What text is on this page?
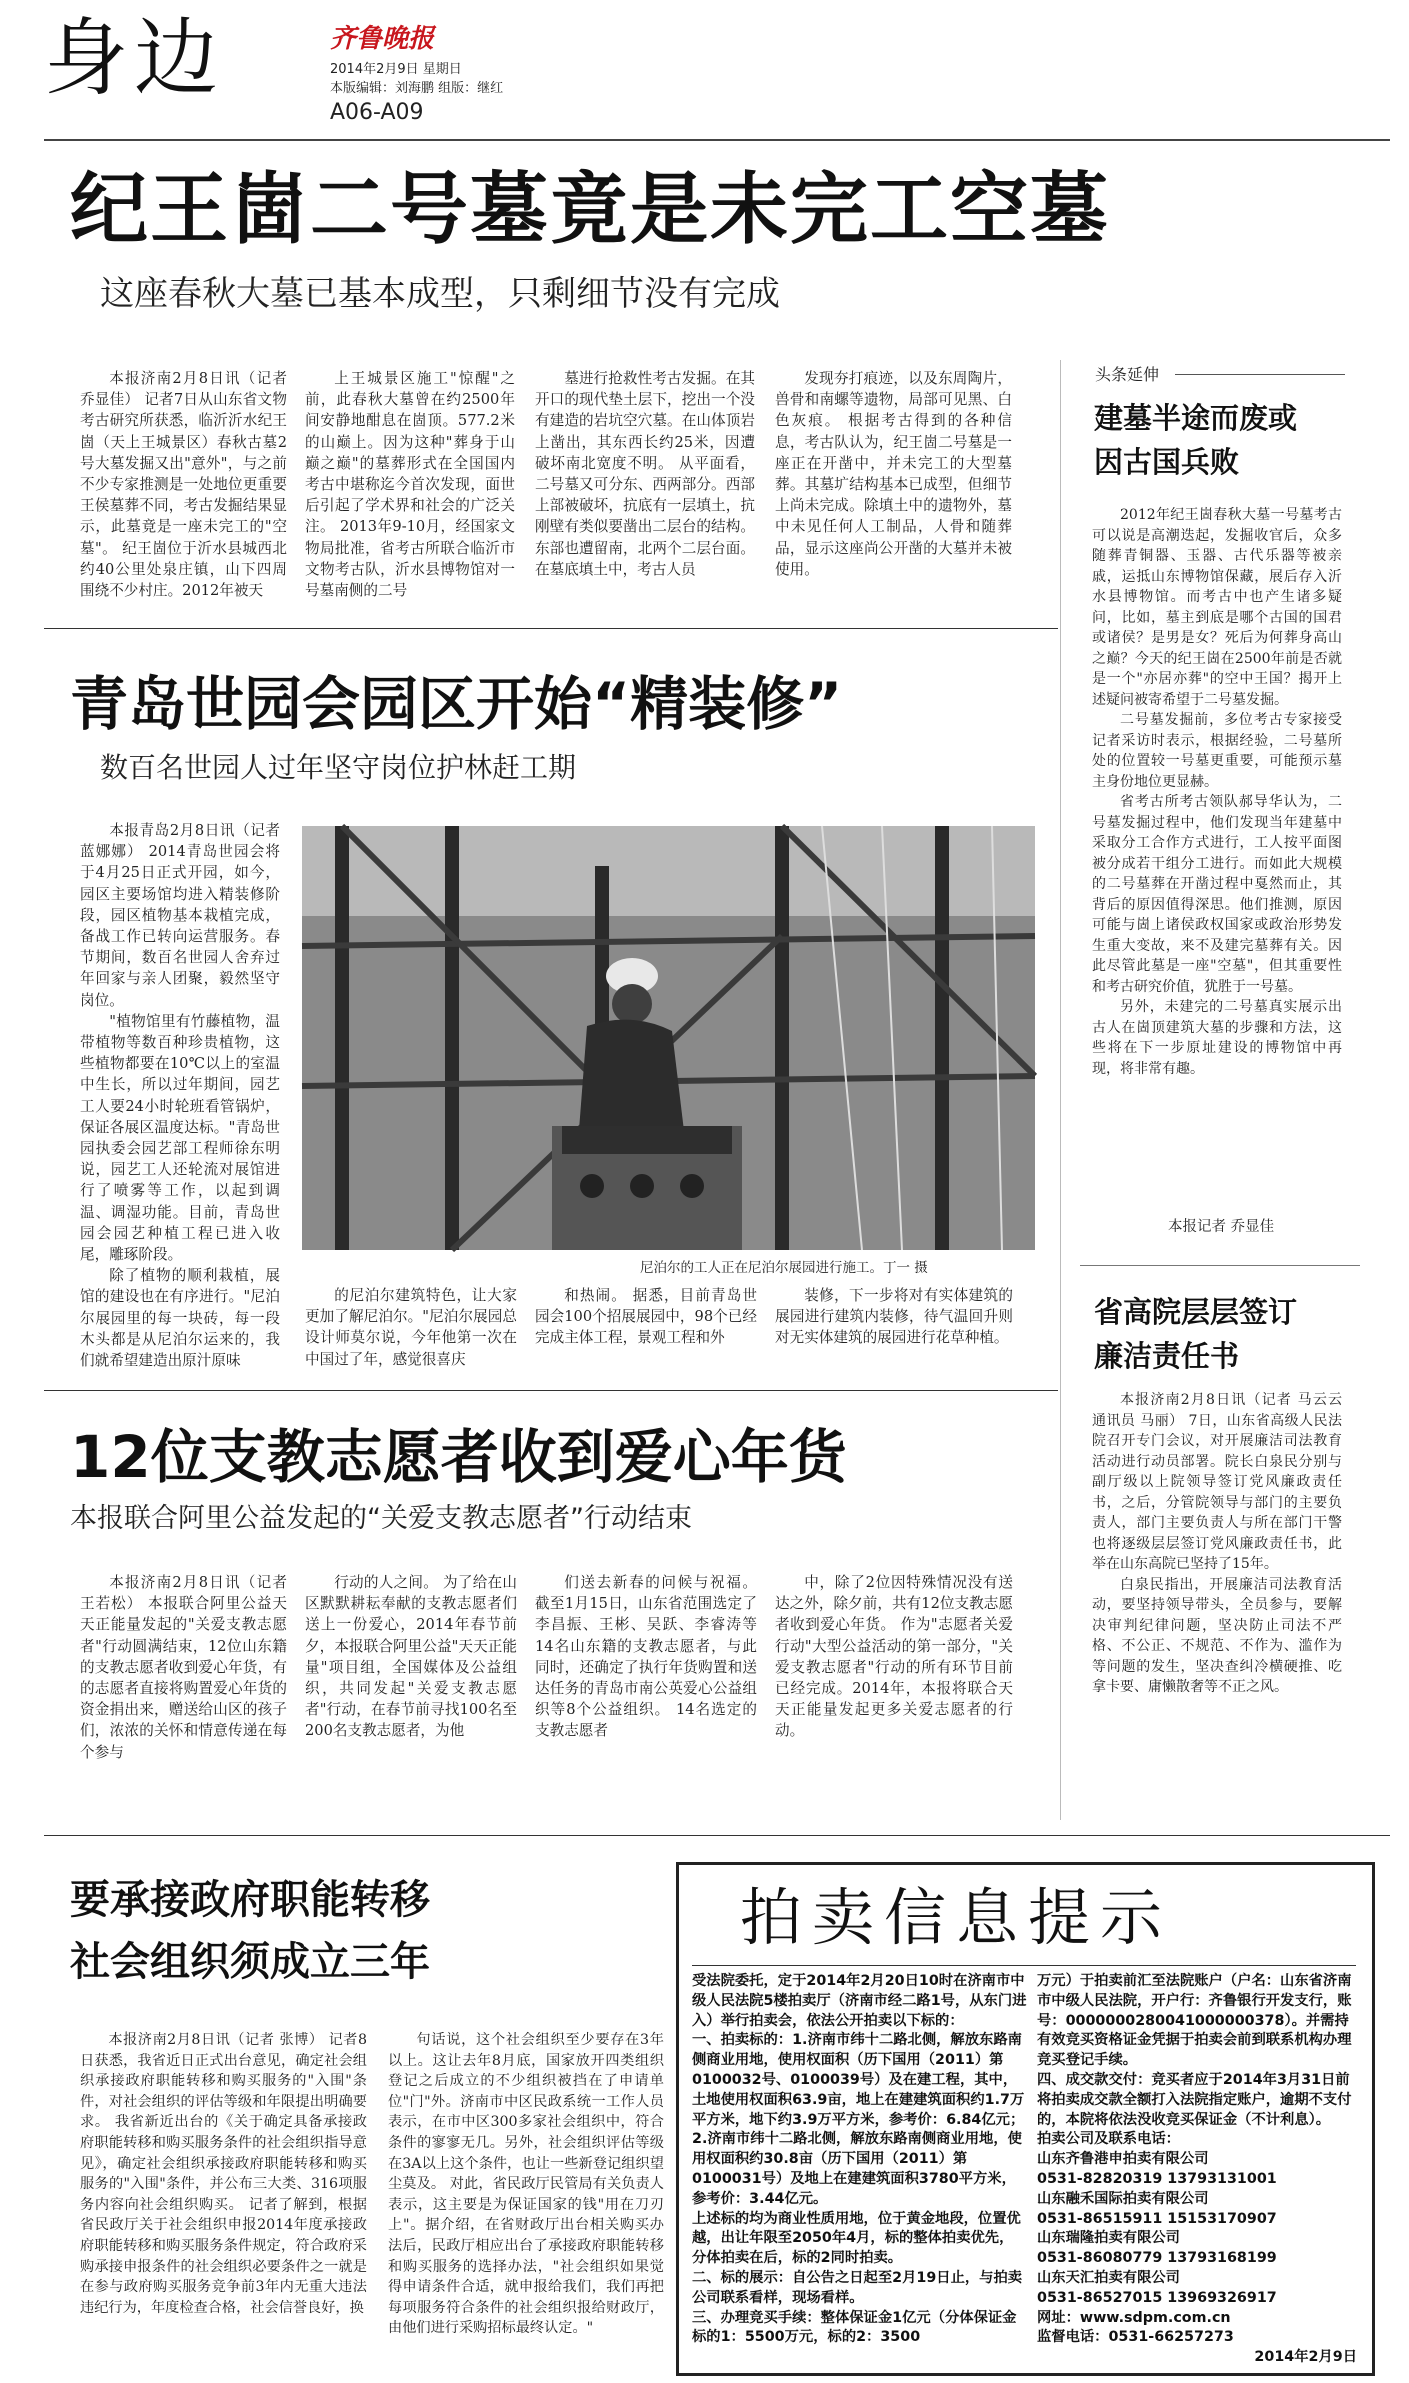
身边	齐鲁晚报
2014年2月9日 星期日
本版编辑：刘海鹏 组版：继红
A06-A09
纪王崮二号墓竟是未完工空墓
这座春秋大墓已基本成型，只剩细节没有完成

本报济南2月8日讯（记者 乔显佳） 记者7日从山东省文物考古研究所获悉，临沂沂水纪王崮（天上王城景区）春秋古墓2号大墓发掘又出"意外"，与之前不少专家推测是一处地位更重要王侯墓葬不同，考古发掘结果显示，此墓竟是一座未完工的"空墓"。 纪王崮位于沂水县城西北约40公里处泉庄镇，山下四周围绕不少村庄。2012年被天

上王城景区施工"惊醒"之前，此春秋大墓曾在约2500年间安静地酣息在崮顶。577.2米的山巅上。因为这种"葬身于山巅之巅"的墓葬形式在全国国内考古中堪称迄今首次发现，面世后引起了学术界和社会的广泛关注。 2013年9-10月，经国家文物局批准，省考古所联合临沂市文物考古队，沂水县博物馆对一号墓南侧的二号

墓进行抢救性考古发掘。在其开口的现代垫土层下，挖出一个没有建造的岩坑空穴墓。在山体顶岩上凿出，其东西长约25米，因遭破坏南北宽度不明。 从平面看，二号墓又可分东、西两部分。西部上部被破坏，抗底有一层填土，抗刚壁有类似要凿出二层台的结构。东部也遭留南，北两个二层台面。在墓底填土中，考古人员

发现夯打痕迹，以及东周陶片，兽骨和南螺等遗物，局部可见黑、白色灰痕。 根据考古得到的各种信息，考古队认为，纪王崮二号墓是一座正在开凿中，并未完工的大型墓葬。其墓圹结构基本已成型，但细节上尚未完成。除填土中的遗物外，墓中未见任何人工制品，人骨和随葬品，显示这座尚公开凿的大墓并未被使用。

头条延伸
建墓半途而废或因古国兵败

2012年纪王崮春秋大墓一号墓考古可以说是高潮迭起，发掘收官后，众多随葬青铜器、玉器、古代乐器等被亲戚，运抵山东博物馆保藏，展后存入沂水县博物馆。而考古中也产生诸多疑问，比如，墓主到底是哪个古国的国君或诸侯？是男是女？死后为何葬身高山之巅？今天的纪王崮在2500年前是否就是一个"亦居亦葬"的空中王国？揭开上述疑问被寄希望于二号墓发掘。

二号墓发掘前，多位考古专家接受记者采访时表示，根据经验，二号墓所处的位置较一号墓更重要，可能预示墓主身份地位更显赫。

省考古所考古领队郝导华认为，二号墓发掘过程中，他们发现当年建墓中采取分工合作方式进行，工人按平面图被分成若干组分工进行。而如此大规模的二号墓葬在开凿过程中戛然而止，其背后的原因值得深思。他们推测，原因可能与崮上诸侯政权国家或政治形势发生重大变故，来不及建完墓葬有关。因此尽管此墓是一座"空墓"，但其重要性和考古研究价值，犹胜于一号墓。

另外，未建完的二号墓真实展示出古人在崮顶建筑大墓的步骤和方法，这些将在下一步原址建设的博物馆中再现，将非常有趣。

本报记者 乔显佳
青岛世园会园区开始“精装修”
数百名世园人过年坚守岗位护林赶工期

本报青岛2月8日讯（记者 蓝娜娜） 2014青岛世园会将于4月25日正式开园，如今，园区主要场馆均进入精装修阶段，园区植物基本栽植完成，备战工作已转向运营服务。春节期间，数百名世园人舍弃过年回家与亲人团聚，毅然坚守岗位。

"植物馆里有竹藤植物，温带植物等数百种珍贵植物，这些植物都要在10℃以上的室温中生长，所以过年期间，园艺工人要24小时轮班看管锅炉，保证各展区温度达标。"青岛世园执委会园艺部工程师徐东明说，园艺工人还轮流对展馆进行了喷雾等工作，以起到调温、调湿功能。目前，青岛世园会园艺种植工程已进入收尾，雕琢阶段。

除了植物的顺利栽植，展馆的建设也在有序进行。"尼泊尔展园里的每一块砖，每一段木头都是从尼泊尔运来的，我们就希望建造出原汁原味

尼泊尔的工人正在尼泊尔展园进行施工。丁一 摄

的尼泊尔建筑特色，让大家更加了解尼泊尔。"尼泊尔展园总设计师莫尔说，今年他第一次在中国过了年，感觉很喜庆

和热闹。 据悉，目前青岛世园会100个招展展园中，98个已经完成主体工程，景观工程和外

装修，下一步将对有实体建筑的展园进行建筑内装修，待气温回升则对无实体建筑的展园进行花草种植。

省高院层层签订廉洁责任书

本报济南2月8日讯（记者 马云云 通讯员 马丽） 7日，山东省高级人民法院召开专门会议，对开展廉洁司法教育活动进行动员部署。院长白泉民分别与副厅级以上院领导签订党风廉政责任书，之后，分管院领导与部门的主要负责人，部门主要负责人与所在部门干警也将逐级层层签订党风廉政责任书，此举在山东高院已坚持了15年。

白泉民指出，开展廉洁司法教育活动，要坚持领导带头，全员参与，要解决审判纪律问题，坚决防止司法不严格、不公正、不规范、不作为、滥作为等问题的发生，坚决查纠冷横硬推、吃拿卡要、庸懒散奢等不正之风。

12位支教志愿者收到爱心年货
本报联合阿里公益发起的“关爱支教志愿者”行动结束

本报济南2月8日讯（记者 王若松） 本报联合阿里公益天天正能量发起的"关爱支教志愿者"行动圆满结束，12位山东籍的支教志愿者收到爱心年货，有的志愿者直接将购置爱心年货的资金捐出来，赠送给山区的孩子们，浓浓的关怀和情意传递在每个参与

行动的人之间。 为了给在山区默默耕耘奉献的支教志愿者们送上一份爱心，2014年春节前夕，本报联合阿里公益"天天正能量"项目组，全国媒体及公益组织，共同发起"关爱支教志愿者"行动，在春节前寻找100名至200名支教志愿者，为他

们送去新春的问候与祝福。 截至1月15日，山东省范围选定了李昌振、王彬、吴跃、李睿涛等14名山东籍的支教志愿者，与此同时，还确定了执行年货购置和送达任务的青岛市南公英爱心公益组织等8个公益组织。 14名选定的支教志愿者

中，除了2位因特殊情况没有送达之外，除夕前，共有12位支教志愿者收到爱心年货。 作为"志愿者关爱行动"大型公益活动的第一部分，"关爱支教志愿者"行动的所有环节目前已经完成。2014年，本报将联合天天正能量发起更多关爱志愿者的行动。

要承接政府职能转移
社会组织须成立三年

本报济南2月8日讯（记者 张博） 记者8日获悉，我省近日正式出台意见，确定社会组织承接政府职能转移和购买服务的"入围"条件，对社会组织的评估等级和年限提出明确要求。 我省新近出台的《关于确定具备承接政府职能转移和购买服务条件的社会组织指导意见》，确定社会组织承接政府职能转移和购买服务的"入围"条件，并公布三大类、316项服务内容向社会组织购买。 记者了解到，根据省民政厅关于社会组织申报2014年度承接政府职能转移和购买服务条件规定，符合政府采购承接申报条件的社会组织必要条件之一就是在参与政府购买服务竞争前3年内无重大违法违纪行为，年度检查合格，社会信誉良好，换

句话说，这个社会组织至少要存在3年以上。这让去年8月底，国家放开四类组织登记之后成立的不少组织被挡在了申请单位"门"外。济南市中区民政系统一工作人员表示，在市中区300多家社会组织中，符合条件的寥寥无几。另外，社会组织评估等级在3A以上这个条件，也让一些新登记组织望尘莫及。 对此，省民政厅民管局有关负责人表示，这主要是为保证国家的钱"用在刀刃上"。据介绍，在省财政厅出台相关购买办法后，民政厅相应出台了承接政府职能转移和购买服务的选择办法，"社会组织如果觉得申请条件合适，就申报给我们，我们再把每项服务符合条件的社会组织报给财政厅，由他们进行采购招标最终认定。"

拍卖信息提示

受法院委托，定于2014年2月20日10时在济南市中级人民法院5楼拍卖厅（济南市经二路1号，从东门进入）举行拍卖会，依法公开拍卖以下标的：

一、拍卖标的：1.济南市纬十二路北侧，解放东路南侧商业用地，使用权面积（历下国用（2011）第0100032号、0100039号）及在建工程，其中，土地使用权面积63.9亩，地上在建建筑面积约1.7万平方米，地下约3.9万平方米，参考价：6.84亿元；2.济南市纬十二路北侧，解放东路南侧商业用地，使用权面积约30.8亩（历下国用（2011）第0100031号）及地上在建建筑面积3780平方米，参考价：3.44亿元。

上述标的均为商业性质用地，位于黄金地段，位置优越，出让年限至2050年4月，标的整体拍卖优先，分体拍卖在后，标的2同时拍卖。

二、标的展示：自公告之日起至2月19日止，与拍卖公司联系看样，现场看样。

三、办理竞买手续：整体保证金1亿元（分体保证金标的1：5500万元，标的2：3500

万元）于拍卖前汇至法院账户（户名：山东省济南市中级人民法院，开户行：齐鲁银行开发支行，账号：0000000280041000000378）。并需持有效竞买资格证金凭据于拍卖会前到联系机构办理竞买登记手续。

四、成交款交付：竞买者应于2014年3月31日前将拍卖成交款全额打入法院指定账户，逾期不支付的，本院将依法没收竞买保证金（不计利息）。

拍卖公司及联系电话：

山东齐鲁港申拍卖有限公司

0531-82820319 13793131001

山东融禾国际拍卖有限公司

0531-86515911 15153170907

山东瑞隆拍卖有限公司

0531-86080779 13793168199

山东天汇拍卖有限公司

0531-86527015 13969326917

网址：www.sdpm.com.cn

监督电话：0531-66257273

2014年2月9日
